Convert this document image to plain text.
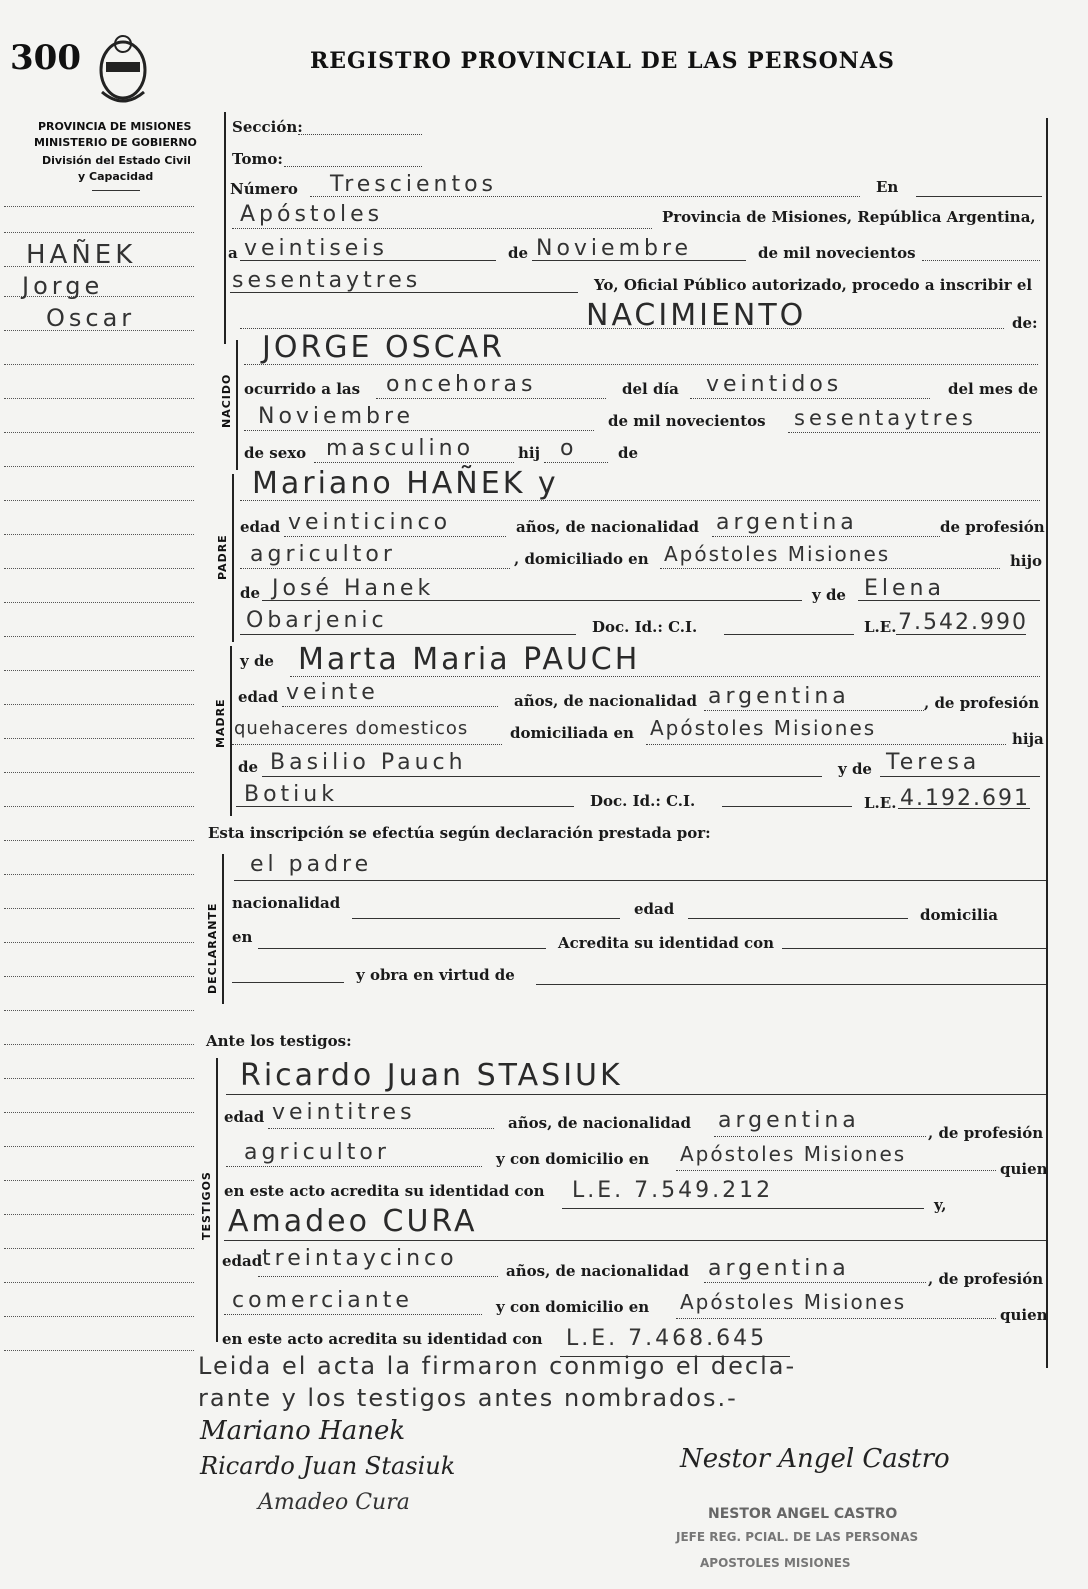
300	REGISTRO PROVINCIAL DE LAS PERSONAS
PROVINCIA DE MISIONES
MINISTERIO DE GOBIERNO
División del Estado Civil
y Capacidad
HAÑEK
Jorge
Oscar
Sección:
Tomo:
Número Trescientos	En
Apóstoles	Provincia de Misiones, República Argentina,
a veintiseis	de Noviembre	de mil novecientos
sesentaytres	Yo, Oficial Público autorizado, procedo a inscribir el
NACIMIENTO	de:
NACIDO
JORGE OSCAR
ocurrido a las oncehoras	del día veintidos	del mes de
Noviembre	de mil novecientos sesentaytres
de sexo masculino	hij o	de
PADRE
Mariano HAÑEK y
edad veinticinco	años, de nacionalidad argentina	de profesión
agricultor	, domiciliado en Apóstoles Misiones	hijo
de José Hanek	y de Elena
Obarjenic	Doc. Id.: C.I.	L.E. 7.542.990
MADRE
y de Marta Maria PAUCH
edad veinte	años, de nacionalidad argentina	, de profesión
quehaceres domesticos	domiciliada en Apóstoles Misiones	hija
de Basilio Pauch	y de Teresa
Botiuk	Doc. Id.: C.I.	L.E. 4.192.691
Esta inscripción se efectúa según declaración prestada por:
DECLARANTE
el padre
nacionalidad	edad	domicilia
en	Acredita su identidad con
y obra en virtud de
Ante los testigos:
TESTIGOS
Ricardo Juan STASIUK
edad veintitres	años, de nacionalidad argentina	, de profesión
agricultor	y con domicilio en Apóstoles Misiones
quien
en este acto acredita su identidad con L.E. 7.549.212
y,
Amadeo CURA
edad treintaycinco	años, de nacionalidad argentina	, de profesión
comerciante	y con domicilio en Apóstoles Misiones
quien
en este acto acredita su identidad con L.E. 7.468.645
Leida el acta la firmaron conmigo el decla-
rante y los testigos antes nombrados.-
Mariano Hanek
Ricardo Juan Stasiuk
Amadeo Cura
Nestor Angel Castro
NESTOR ANGEL CASTRO
JEFE REG. PCIAL. DE LAS PERSONAS
APOSTOLES MISIONES
